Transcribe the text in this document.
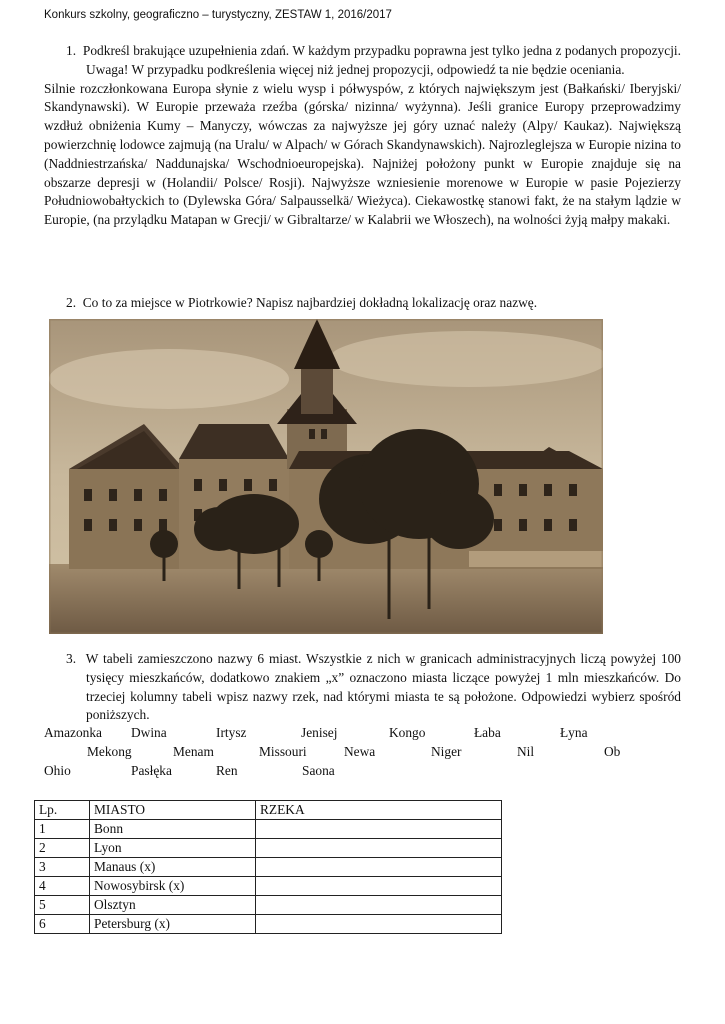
Konkurs szkolny, geograficzno – turystyczny, ZESTAW 1, 2016/2017

1. Podkreśl brakujące uzupełnienia zdań. W każdym przypadku poprawna jest tylko jedna z podanych propozycji. Uwaga! W przypadku podkreślenia więcej niż jednej propozycji, odpowiedź ta nie będzie oceniania.

Silnie rozczłonkowana Europa słynie z wielu wysp i półwyspów, z których największym jest (Bałkański/ Iberyjski/ Skandynawski). W Europie przeważa rzeźba (górska/ nizinna/ wyżynna). Jeśli granice Europy przeprowadzimy wzdłuż obniżenia Kumy – Manyczy, wówczas za najwyższe jej góry uznać należy (Alpy/ Kaukaz). Największą powierzchnię lodowce zajmują (na Uralu/ w Alpach/ w Górach Skandynawskich). Najrozleglejsza w Europie nizina to (Naddniestrzańska/ Naddunajska/ Wschodnioeuropejska). Najniżej położony punkt w Europie znajduje się na obszarze depresji w (Holandii/ Polsce/ Rosji). Najwyższe wzniesienie morenowe w Europie w pasie Pojezierzy Południowobałtyckich to (Dylewska Góra/ Salpausselkä/ Wieżyca). Ciekawostkę stanowi fakt, że na stałym lądzie w Europie, (na przylądku Matapan w Grecji/ w Gibraltarze/ w Kalabrii we Włoszech), na wolności żyją małpy makaki.

2. Co to za miejsce w Piotrkowie? Napisz najbardziej dokładną lokalizację oraz nazwę.

3. W tabeli zamieszczono nazwy 6 miast. Wszystkie z nich w granicach administracyjnych liczą powyżej 100 tysięcy mieszkańców, dodatkowo znakiem „x” oznaczono miasta liczące powyżej 1 mln mieszkańców. Do trzeciej kolumny tabeli wpisz nazwy rzek, nad którymi miasta te są położone. Odpowiedzi wybierz spośród poniższych.

Amazonka Dwina	Irtysz	Jenisej	Kongo	Łaba	Łyna
Mekong	Menam	Missouri	Newa	Niger	Nil	Ob
Ohio	Pasłęka	Ren	Saona
Lp.	MIASTO	RZEKA
1	Bonn	
2	Lyon	
3	Manaus (x)	
4	Nowosybirsk (x)	
5	Olsztyn	
6	Petersburg (x)	
